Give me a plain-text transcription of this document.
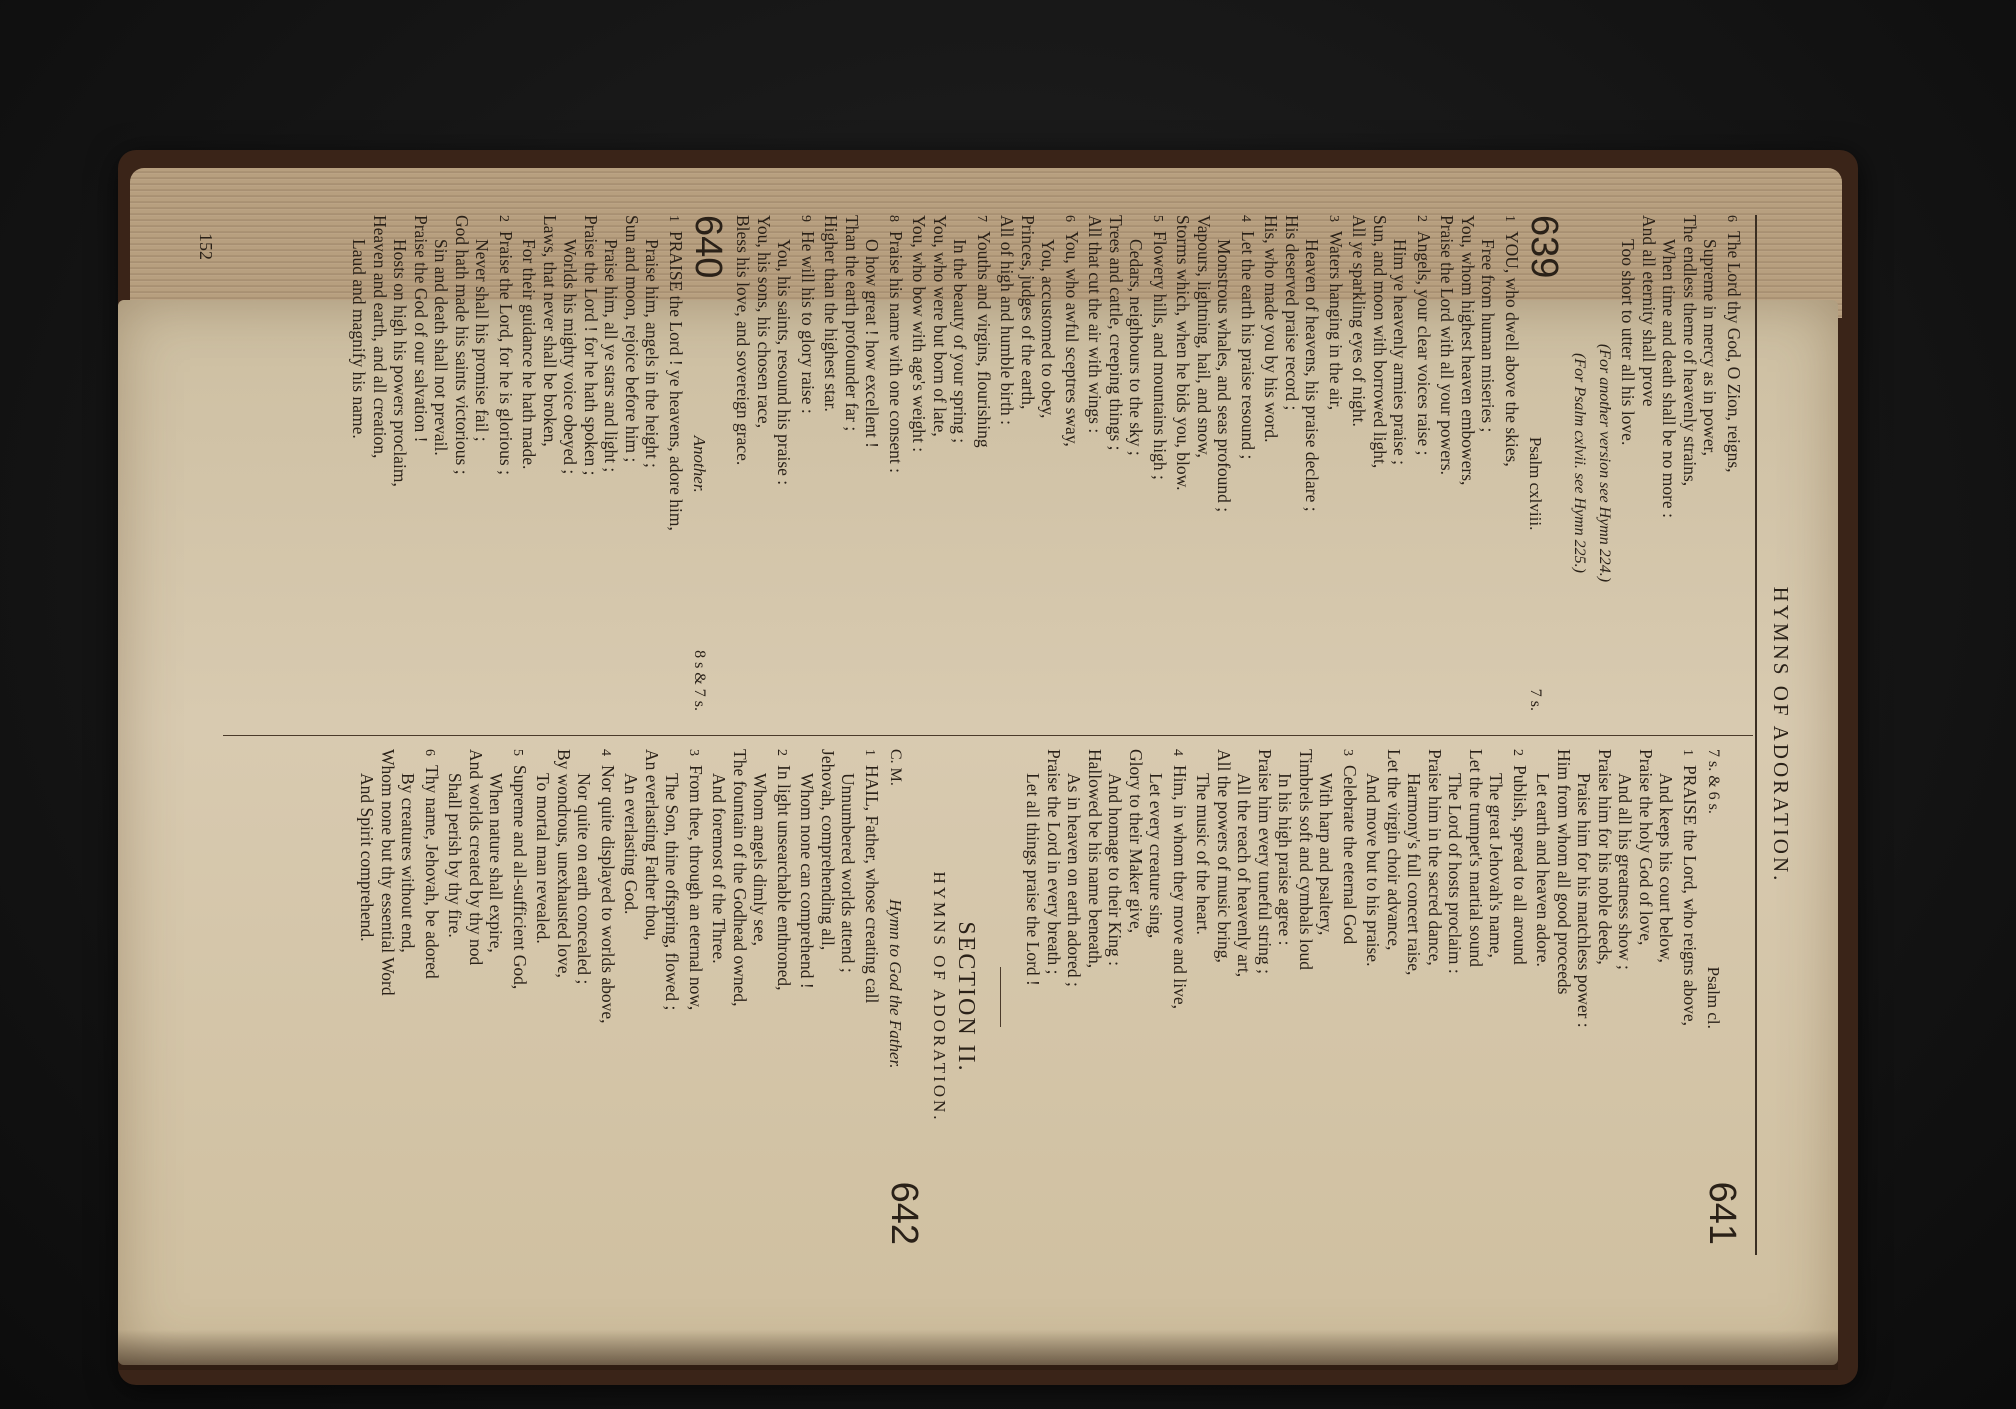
HYMNS OF ADORATION.
6The Lord thy God, O Zion, reigns,
Supreme in mercy as in power,
The endless theme of heavenly strains,
When time and death shall be no more :
And all eternity shall prove
Too short to utter all his love.
(For another version see Hymn 224.)
(For Psalm cxlvii. see Hymn 225.)
639
Psalm cxlviii.
7 s.
1YOU, who dwell above the skies,
Free from human miseries ;
You, whom highest heaven embowers,
Praise the Lord with all your powers.
2Angels, your clear voices raise ;
Him ye heavenly armies praise ;
Sun, and moon with borrowed light,
All ye sparkling eyes of night.
3Waters hanging in the air,
Heaven of heavens, his praise declare ;
His deserved praise record ;
His, who made you by his word.
4Let the earth his praise resound ;
Monstrous whales, and seas profound ;
Vapours, lightning, hail, and snow,
Storms which, when he bids you, blow.
5Flowery hills, and mountains high ;
Cedars, neighbours to the sky ;
Trees and cattle, creeping things ;
All that cut the air with wings :
6You, who awful sceptres sway,
You, accustomed to obey,
Princes, judges of the earth,
All of high and humble birth :
7Youths and virgins, flourishing
In the beauty of your spring ;
You, who were but born of late,
You, who bow with age's weight :
8Praise his name with one consent :
O how great ! how excellent !
Than the earth profounder far ;
Higher than the highest star.
9He will his to glory raise :
You, his saints, resound his praise :
You, his sons, his chosen race,
Bless his love, and sovereign grace.
640
Another.
8 s & 7 s.
1PRAISE the Lord ! ye heavens, adore him,
Praise him, angels in the height ;
Sun and moon, rejoice before him ;
Praise him, all ye stars and light ;
Praise the Lord ! for he hath spoken ;
Worlds his mighty voice obeyed ;
Laws, that never shall be broken,
For their guidance he hath made.
2Praise the Lord, for he is glorious ;
Never shall his promise fail ;
God hath made his saints victorious ;
Sin and death shall not prevail.
Praise the God of our salvation !
Hosts on high his powers proclaim,
Heaven and earth, and all creation,
Laud and magnify his name.
7 s. & 6 s.
Psalm cl.
641
1PRAISE the Lord, who reigns above,
And keeps his court below,
Praise the holy God of love,
And all his greatness show ;
Praise him for his noble deeds,
Praise him for his matchless power :
Him from whom all good proceeds
Let earth and heaven adore.
2Publish, spread to all around
The great Jehovah's name,
Let the trumpet's martial sound
The Lord of hosts proclaim :
Praise him in the sacred dance,
Harmony's full concert raise,
Let the virgin choir advance,
And move but to his praise.
3Celebrate the eternal God
With harp and psaltery,
Timbrels soft and cymbals loud
In his high praise agree :
Praise him every tuneful string ;
All the reach of heavenly art,
All the powers of music bring,
The music of the heart.
4Him, in whom they move and live,
Let every creature sing,
Glory to their Maker give,
And homage to their King :
Hallowed be his name beneath,
As in heaven on earth adored ;
Praise the Lord in every breath ;
Let all things praise the Lord !
SECTION II.
HYMNS OF ADORATION.
C. M.
Hymn to God the Father.
642
1HAIL, Father, whose creating call
Unnumbered worlds attend ;
Jehovah, comprehending all,
Whom none can comprehend !
2In light unsearchable enthroned,
Whom angels dimly see,
The fountain of the Godhead owned,
And foremost of the Three.
3From thee, through an eternal now,
The Son, thine offspring, flowed ;
An everlasting Father thou,
An everlasting God.
4Nor quite displayed to worlds above,
Nor quite on earth concealed ;
By wondrous, unexhausted love,
To mortal man revealed.
5Supreme and all-sufficient God,
When nature shall expire,
And worlds created by thy nod
Shall perish by thy fire.
6Thy name, Jehovah, be adored
By creatures without end,
Whom none but thy essential Word
And Spirit comprehend.
152
